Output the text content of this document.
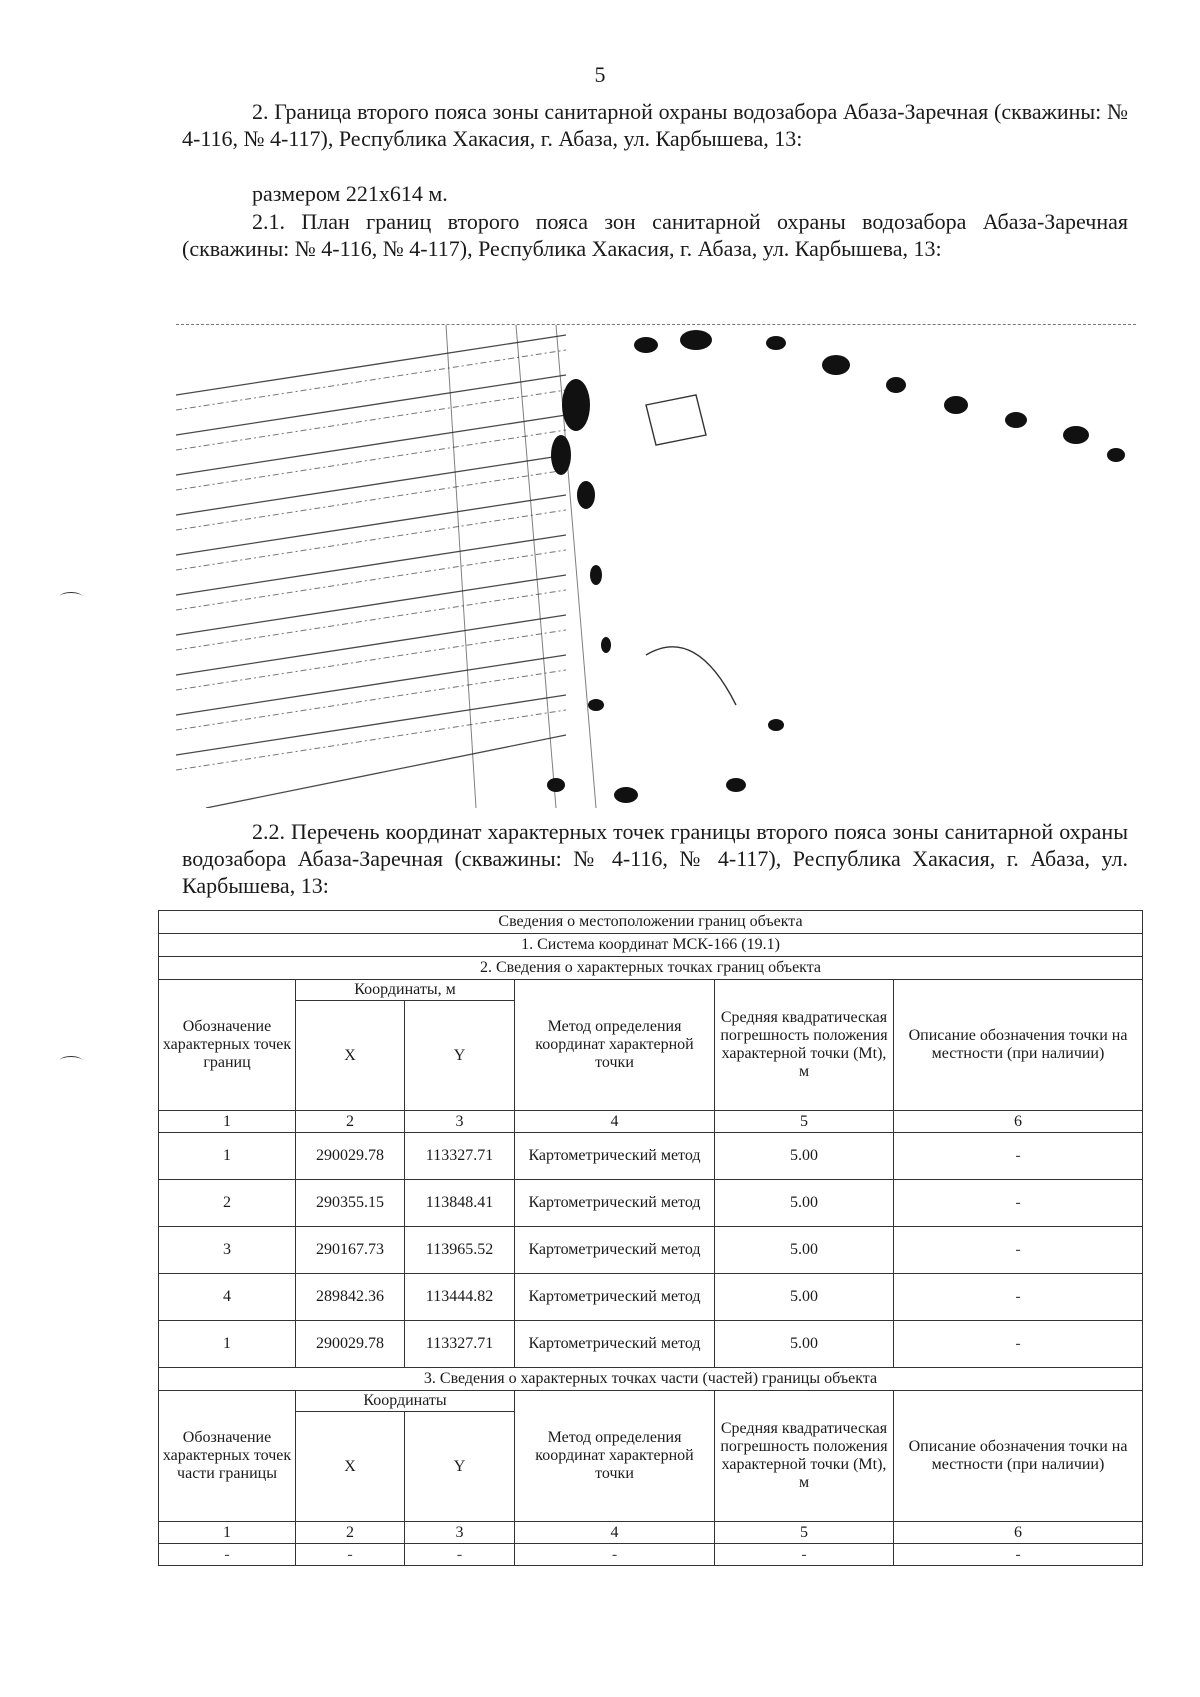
5
2. Граница второго пояса зоны санитарной охраны водозабора Абаза-Заречная (скважины: № 4-116, № 4-117), Республика Хакасия, г. Абаза, ул. Карбышева, 13:
размером 221х614 м.
2.1. План границ второго пояса зон санитарной охраны водозабора Абаза-Заречная (скважины: № 4-116, № 4-117), Республика Хакасия, г. Абаза, ул. Карбышева, 13:
2.2. Перечень координат характерных точек границы второго пояса зоны санитарной охраны водозабора Абаза-Заречная (скважины: № 4-116, № 4-117), Республика Хакасия, г. Абаза, ул. Карбышева, 13:
Сведения о местоположении границ объекта					
1. Система координат МСК-166 (19.1)					
2. Сведения о характерных точках границ объекта					
Обозначение характерных точек границ	Координаты, м		Метод определения координат характерной точки	Средняя квадратическая погрешность положения характерной точки (Mt), м	Описание обозначения точки на местности (при наличии)
	X	Y			
1	2	3	4	5	6
1	290029.78	113327.71	Картометрический метод	5.00	-
2	290355.15	113848.41	Картометрический метод	5.00	-
3	290167.73	113965.52	Картометрический метод	5.00	-
4	289842.36	113444.82	Картометрический метод	5.00	-
1	290029.78	113327.71	Картометрический метод	5.00	-
3. Сведения о характерных точках части (частей) границы объекта					
Обозначение характерных точек части границы	Координаты		Метод определения координат характерной точки	Средняя квадратическая погрешность положения характерной точки (Mt), м	Описание обозначения точки на местности (при наличии)
	X	Y			
1	2	3	4	5	6
-	-	-	-	-	-
